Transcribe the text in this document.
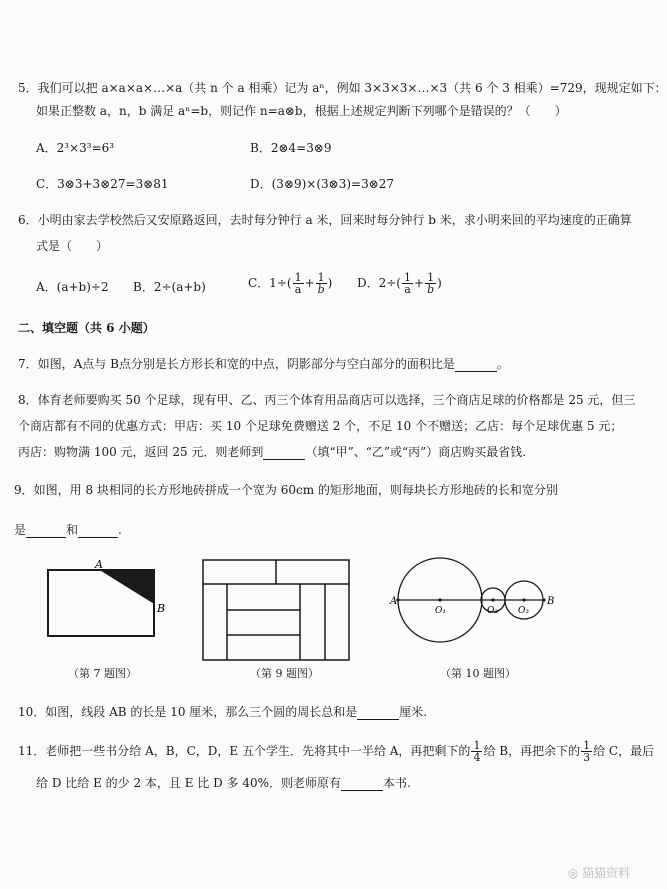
5．我们可以把 a×a×a×…×a（共 n 个 a 相乘）记为 aⁿ，例如 3×3×3×…×3（共 6 个 3 相乘）=729，现规定如下：
如果正整数 a，n，b 满足 aⁿ=b，则记作 n=a⊗b，根据上述规定判断下列哪个是错误的？（　　）
A．2³×3³=6³	B．2⊗4=3⊗9
C．3⊗3+3⊗27=3⊗81	D．(3⊗9)×(3⊗3)=3⊗27
6．小明由家去学校然后又安原路返回，去时每分钟行 a 米，回来时每分钟行 b 米，求小明来回的平均速度的正确算
式是（　　）
A．(a+b)÷2 B．2÷(a+b)	C．$1\div( \frac{1}{a} + \frac{1}{b}$ ) D．$2\div( \frac{1}{a} + \frac{1}{b}$ )
二、填空题（共 6 小题）
7．如图，A点与 B点分别是长方形长和宽的中点，阴影部分与空白部分的面积比是	。
8．体育老师要购买 50 个足球，现有甲、乙、丙三个体育用品商店可以选择，三个商店足球的价格都是 25 元，但三
个商店都有不同的优惠方式：甲店：买 10 个足球免费赠送 2 个，不足 10 个不赠送；乙店：每个足球优惠 5 元；
丙店：购物满 100 元，返回 25 元．则老师到	（填“甲”、“乙”或“丙”）商店购买最省钱.
9．如图，用 8 块相同的长方形地砖拼成一个宽为 60cm 的矩形地面，则每块长方形地砖的长和宽分别
是	和	.
A
B
（第 7 题图）	（第 9 题图）
A	B
O₁	O₂ O₃
（第 10 题图）
10．如图，线段 AB 的长是 10 厘米，那么三个圆的周长总和是	厘米.
11．老师把一些书分给 A，B，C，D，E 五个学生．先将其中一半给 A，再把剩下的 $\frac{1}{4}$ 给 B，再把余下的 $\frac{1}{3}$ 给 C，最后
给 D 比给 E 的少 2 本，且 E 比 D 多 40%．则老师原有	本书.
◎ 猫猫资料
